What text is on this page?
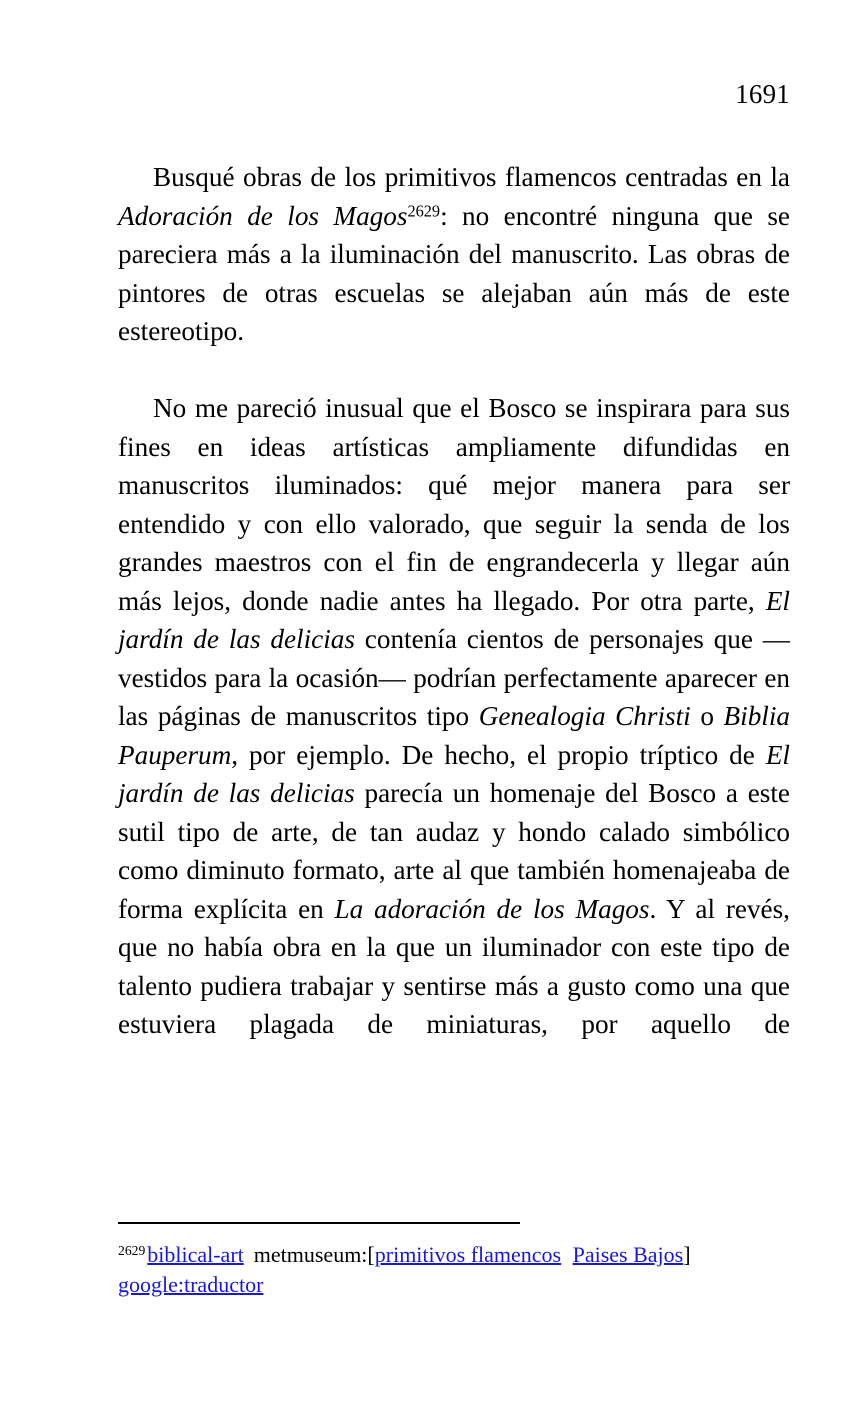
1691

Busqué obras de los primitivos flamencos centradas en la Adoración de los Magos$^{2629}$: no encontré ninguna que se pareciera más a la iluminación del manuscrito. Las obras de pintores de otras escuelas se alejaban aún más de este estereotipo.

No me pareció inusual que el Bosco se inspirara para sus fines en ideas artísticas ampliamente difundidas en manuscritos iluminados: qué mejor manera para ser entendido y con ello valorado, que seguir la senda de los grandes maestros con el fin de engrandecerla y llegar aún más lejos, donde nadie antes ha llegado. Por otra parte, El jardín de las delicias contenía cientos de personajes que —vestidos para la ocasión— podrían perfectamente aparecer en las páginas de manuscritos tipo Genealogia Christi o Biblia Pauperum, por ejemplo. De hecho, el propio tríptico de El jardín de las delicias parecía un homenaje del Bosco a este sutil tipo de arte, de tan audaz y hondo calado simbólico como diminuto formato, arte al que también homenajeaba de forma explícita en La adoración de los Magos. Y al revés, que no había obra en la que un iluminador con este tipo de talento pudiera trabajar y sentirse más a gusto como una que estuviera plagada de miniaturas, por aquello de

$^{2629}$biblical-art metmuseum:[primitivos flamencos Paises Bajos]
google:traductor
